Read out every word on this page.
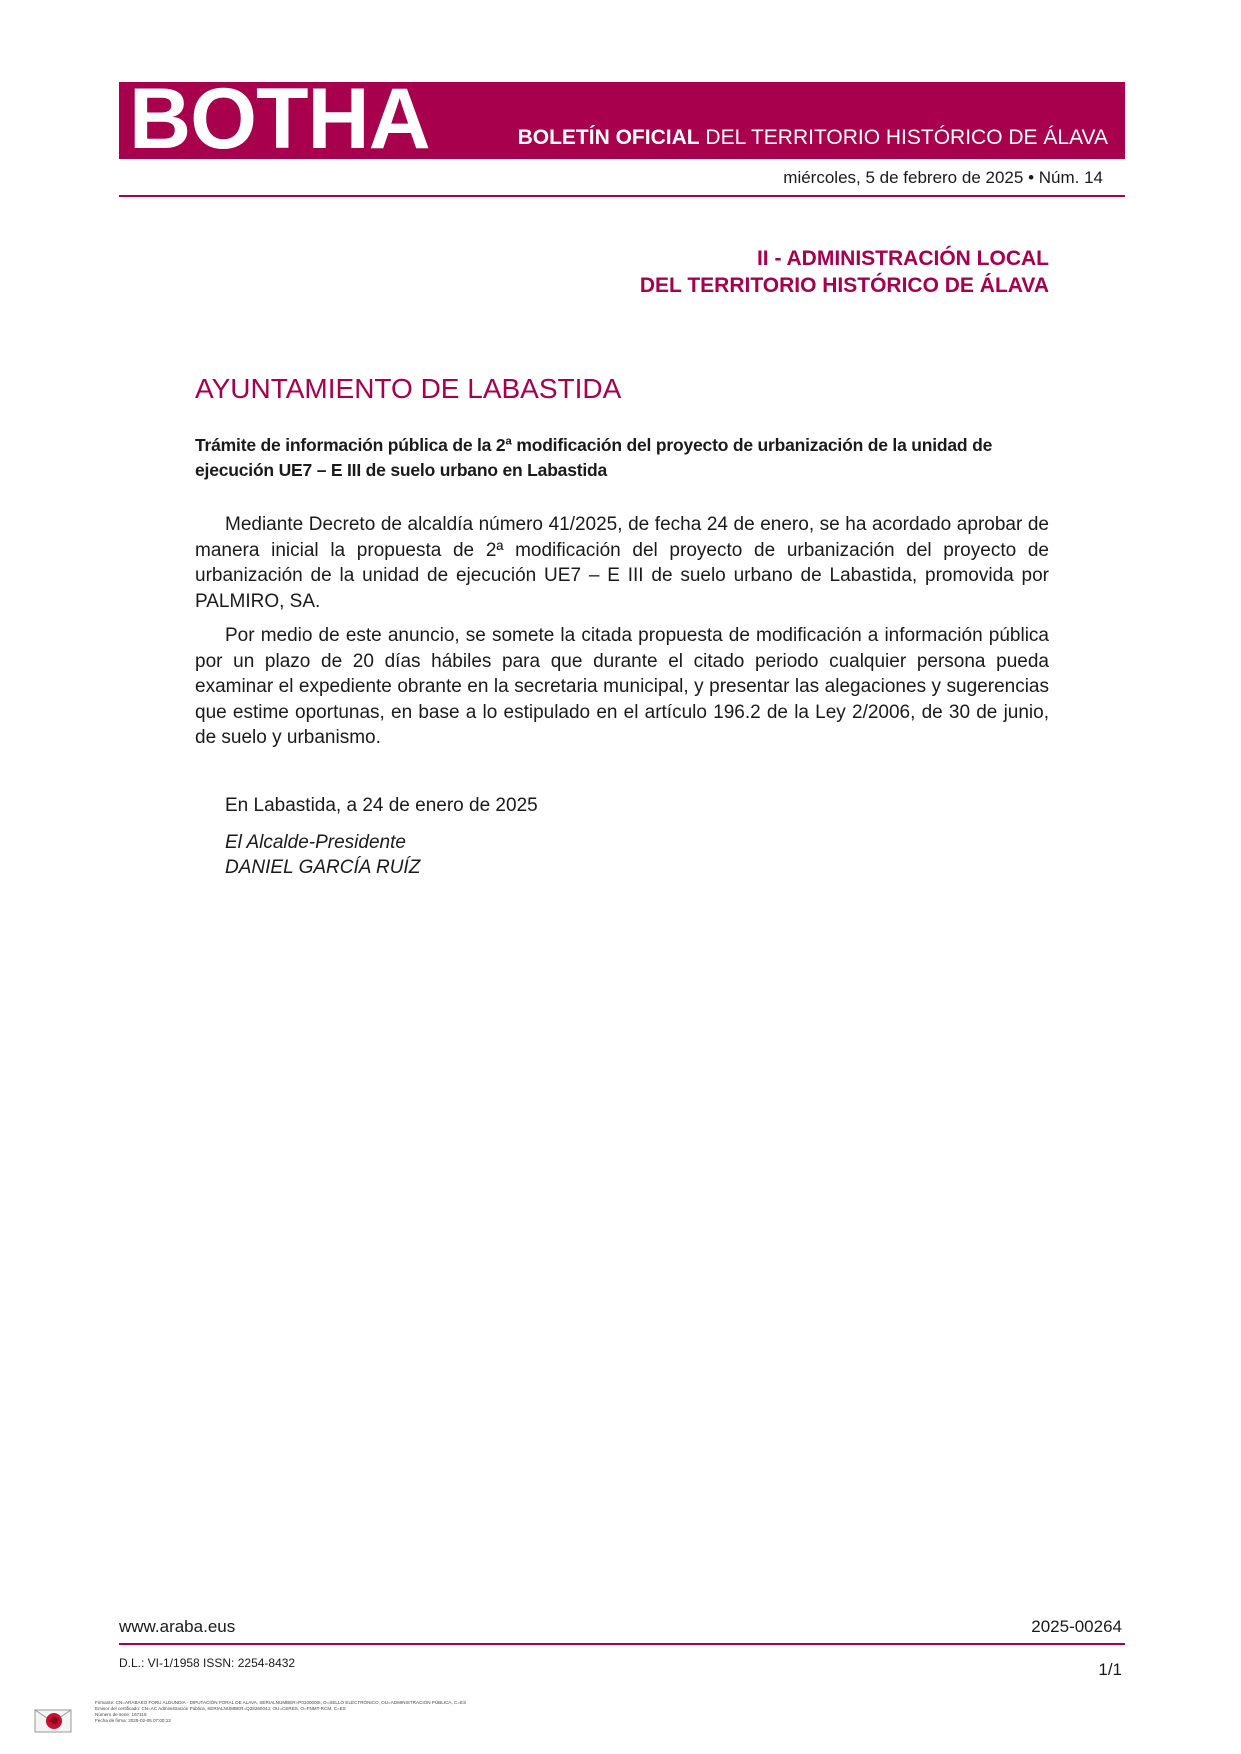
BOTHA	BOLETÍN OFICIAL DEL TERRITORIO HISTÓRICO DE ÁLAVA
miércoles, 5 de febrero de 2025 • Núm. 14
II - ADMINISTRACIÓN LOCAL
DEL TERRITORIO HISTÓRICO DE ÁLAVA
AYUNTAMIENTO DE LABASTIDA
Trámite de información pública de la 2ª modificación del proyecto de urbanización de la unidad de ejecución UE7 – E III de suelo urbano en Labastida
Mediante Decreto de alcaldía número 41/2025, de fecha 24 de enero, se ha acordado aprobar de manera inicial la propuesta de 2ª modificación del proyecto de urbanización del proyecto de urbanización de la unidad de ejecución UE7 – E III de suelo urbano de Labastida, promovida por PALMIRO, SA.
Por medio de este anuncio, se somete la citada propuesta de modificación a información pública por un plazo de 20 días hábiles para que durante el citado periodo cualquier persona pueda examinar el expediente obrante en la secretaria municipal, y presentar las alegaciones y sugerencias que estime oportunas, en base a lo estipulado en el artículo 196.2 de la Ley 2/2006, de 30 de junio, de suelo y urbanismo.
En Labastida, a 24 de enero de 2025
El Alcalde-Presidente
DANIEL GARCÍA RUÍZ
www.araba.eus	2025-00264
D.L.: VI-1/1958 ISSN: 2254-8432	1/1
Firmante: CN=ARABAKO FORU ALDUNDIA - DIPUTACIÓN FORAL DE ALAVA, SERIALNUMBER=P0100000I, O=SELLO ELECTRÓNICO, OU=ADMINISTRACIÓN PÚBLICA, C=ES
Emisor del certificado: CN=AC Administración Pública, SERIALNUMBER=Q2826004J, OU=CERES, O=FNMT-RCM, C=ES
Número de serie: 167116
Fecha de firma: 2025-02-05 07:00:13
